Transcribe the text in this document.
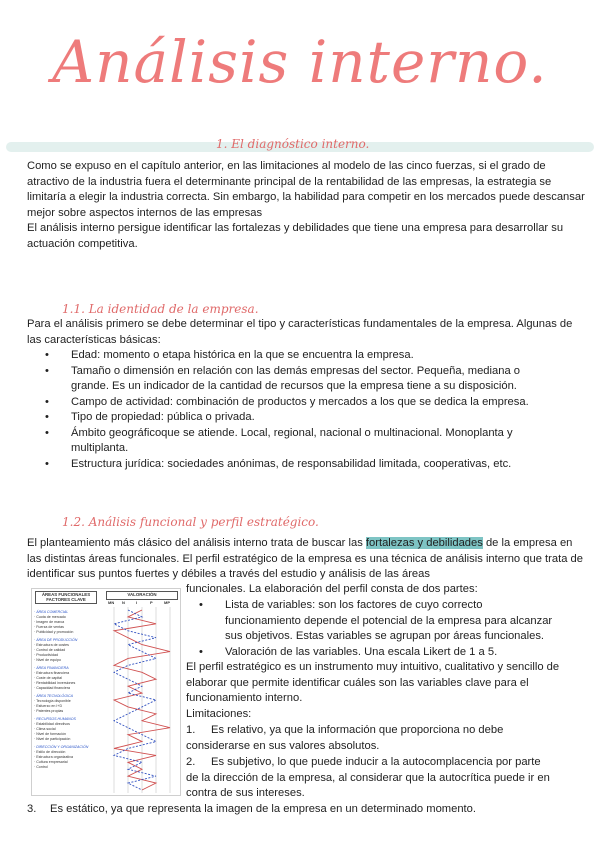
Análisis interno.
1. El diagnóstico interno.

Como se expuso en el capítulo anterior, en las limitaciones al modelo de las cinco fuerzas, si el grado de atractivo de la industria fuera el determinante principal de la rentabilidad de las empresas, la estrategia se limitaría a elegir la industria correcta. Sin embargo, la habilidad para competir en los mercados puede descansar mejor sobre aspectos internos de las empresas

El análisis interno persigue identificar las fortalezas y debilidades que tiene una empresa para desarrollar su actuación competitiva.

1.1. La identidad de la empresa.

Para el análisis primero se debe determinar el tipo y características fundamentales de la empresa. Algunas de las características básicas:

• Edad: momento o etapa histórica en la que se encuentra la empresa.
• Tamaño o dimensión en relación con las demás empresas del sector. Pequeña, mediana o grande. Es un indicador de la cantidad de recursos que la empresa tiene a su disposición.
• Campo de actividad: combinación de productos y mercados a los que se dedica la empresa.
• Tipo de propiedad: pública o privada.
• Ámbito geográficoque se atiende. Local, regional, nacional o multinacional. Monoplanta y multiplanta.
• Estructura jurídica: sociedades anónimas, de responsabilidad limitada, cooperativas, etc.
1.2. Análisis funcional y perfil estratégico.

El planteamiento más clásico del análisis interno trata de buscar las fortalezas y debilidades de la empresa en las distintas áreas funcionales. El perfil estratégico de la empresa es una técnica de análisis interno que trata de identificar sus puntos fuertes y débiles a través del estudio y análisis de las áreas

funcionales. La elaboración del perfil consta de dos partes:

• Lista de variables: son los factores de cuyo correcto funcionamiento depende el potencial de la empresa para alcanzar sus objetivos. Estas variables se agrupan por áreas funcionales.
• Valoración de las variables. Una escala Likert de 1 a 5.

El perfil estratégico es un instrumento muy intuitivo, cualitativo y sencillo de elaborar que permite identificar cuáles son las variables clave para el funcionamiento interno.

Limitaciones:

1.	Es relativo, ya que la información que proporciona no debe considerarse en sus valores absolutos.
2.	Es subjetivo, lo que puede inducir a la autocomplacencia por parte de la dirección de la empresa, al considerar que la autocrítica puede ir en contra de sus intereses.
3.	Es estático, ya que representa la imagen de la empresa en un determinado momento.
ÁREAS FUNCIONALES FACTORES CLAVE
VALORACIÓN
MN N	I	P	MP
· ÁREA COMERCIAL
· Cuota de mercado
· Imagen de marca
· Fuerza de ventas
· Publicidad y promoción
· ÁREA DE PRODUCCIÓN
· Estructura de costes
· Control de calidad
· Productividad
· Nivel de equipo
· ÁREA FINANCIERA
· Estructura financiera
· Coste de capital
· Rentabilidad inversiones
· Capacidad financiera
· ÁREA TECNOLÓGICA
· Tecnología disponible
· Esfuerzo en I+D
· Patentes propias
· RECURSOS HUMANOS
· Estabilidad directivos
· Clima social
· Nivel de formación
· Nivel de participación
· DIRECCIÓN Y ORGANIZACIÓN
· Estilo de dirección
· Estructura organizativa
· Cultura empresarial
· Control
